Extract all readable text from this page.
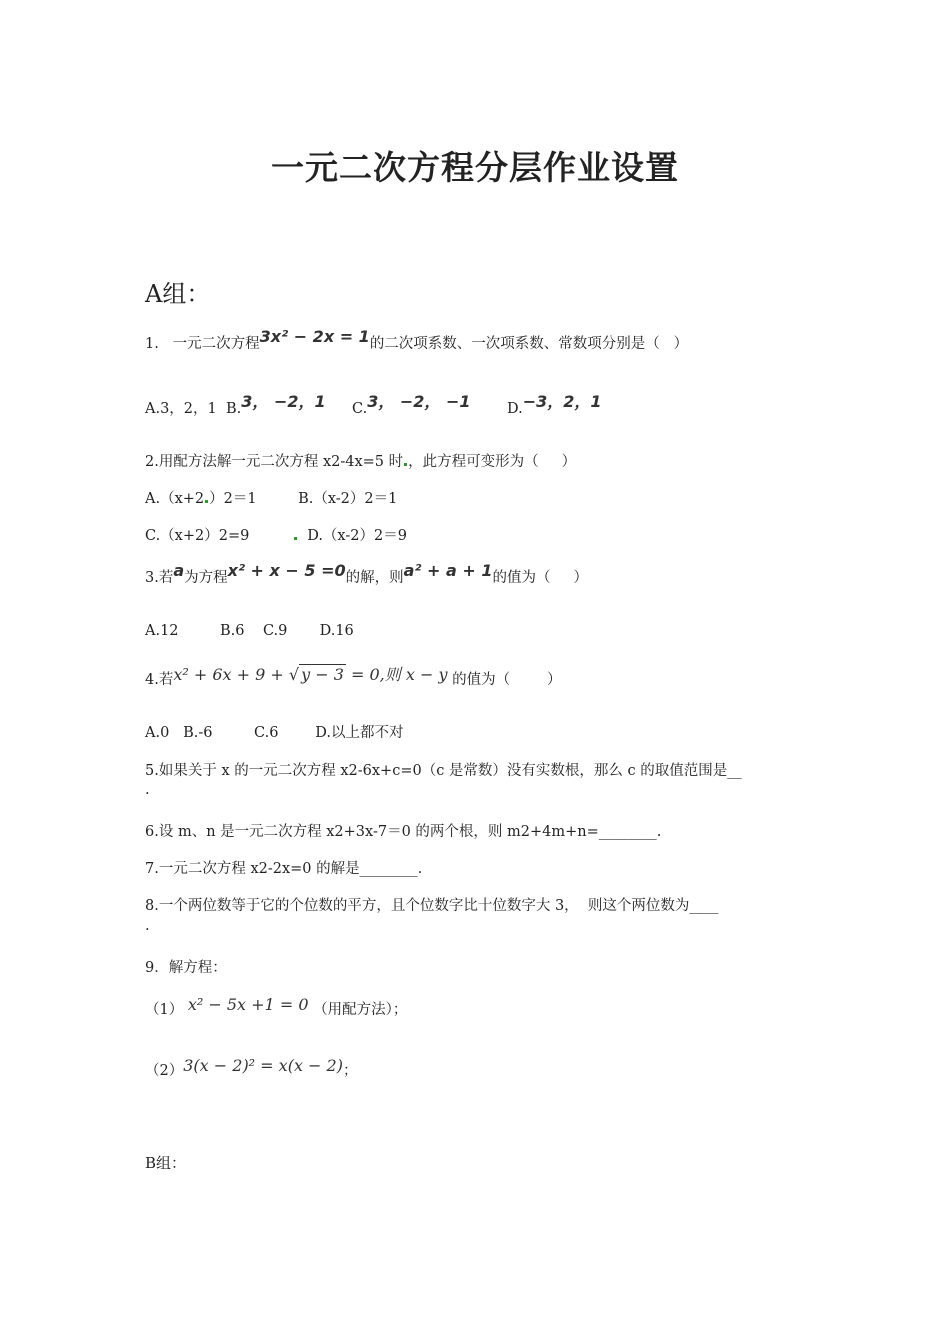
一元二次方程分层作业设置
A组：
1.   一元二次方程3x² − 2x = 1的二次项系数、一次项系数、常数项分别是（   ）
A.3，2，1  B.3， −2，1 C.3， −2， −1	D.−3，2，1
2.用配方法解一元二次方程 x2-4x=5 时 ，此方程可变形为（     ）
A.（x+2 ）2＝1         B.（x-2）2＝1
C.（x+2）2=9	D.（x-2）2＝9
3.若a为方程x² + x − 5 =0的解，则a² + a + 1的值为（     ）
A.12         B.6    C.9       D.16
4.若x² + 6x + 9 + √ y − 3 = 0,则 x − y 的值为（        ）
A.0   B.-6         C.6        D.以上都不对
5.如果关于 x 的一元二次方程 x2-6x+c=0（c 是常数）没有实数根，那么 c 的取值范围是__
.
6.设 m、n 是一元二次方程 x2+3x-7＝0 的两个根，则 m2+4m+n=________.
7.一元二次方程 x2-2x=0 的解是________.
8.一个两位数等于它的个位数的平方，且个位数字比十位数字大 3，  则这个两位数为____
.
9．解方程：
（1） x² − 5x +1 = 0 （用配方法）；
（2）3(x − 2)² = x(x − 2)；
B组：
